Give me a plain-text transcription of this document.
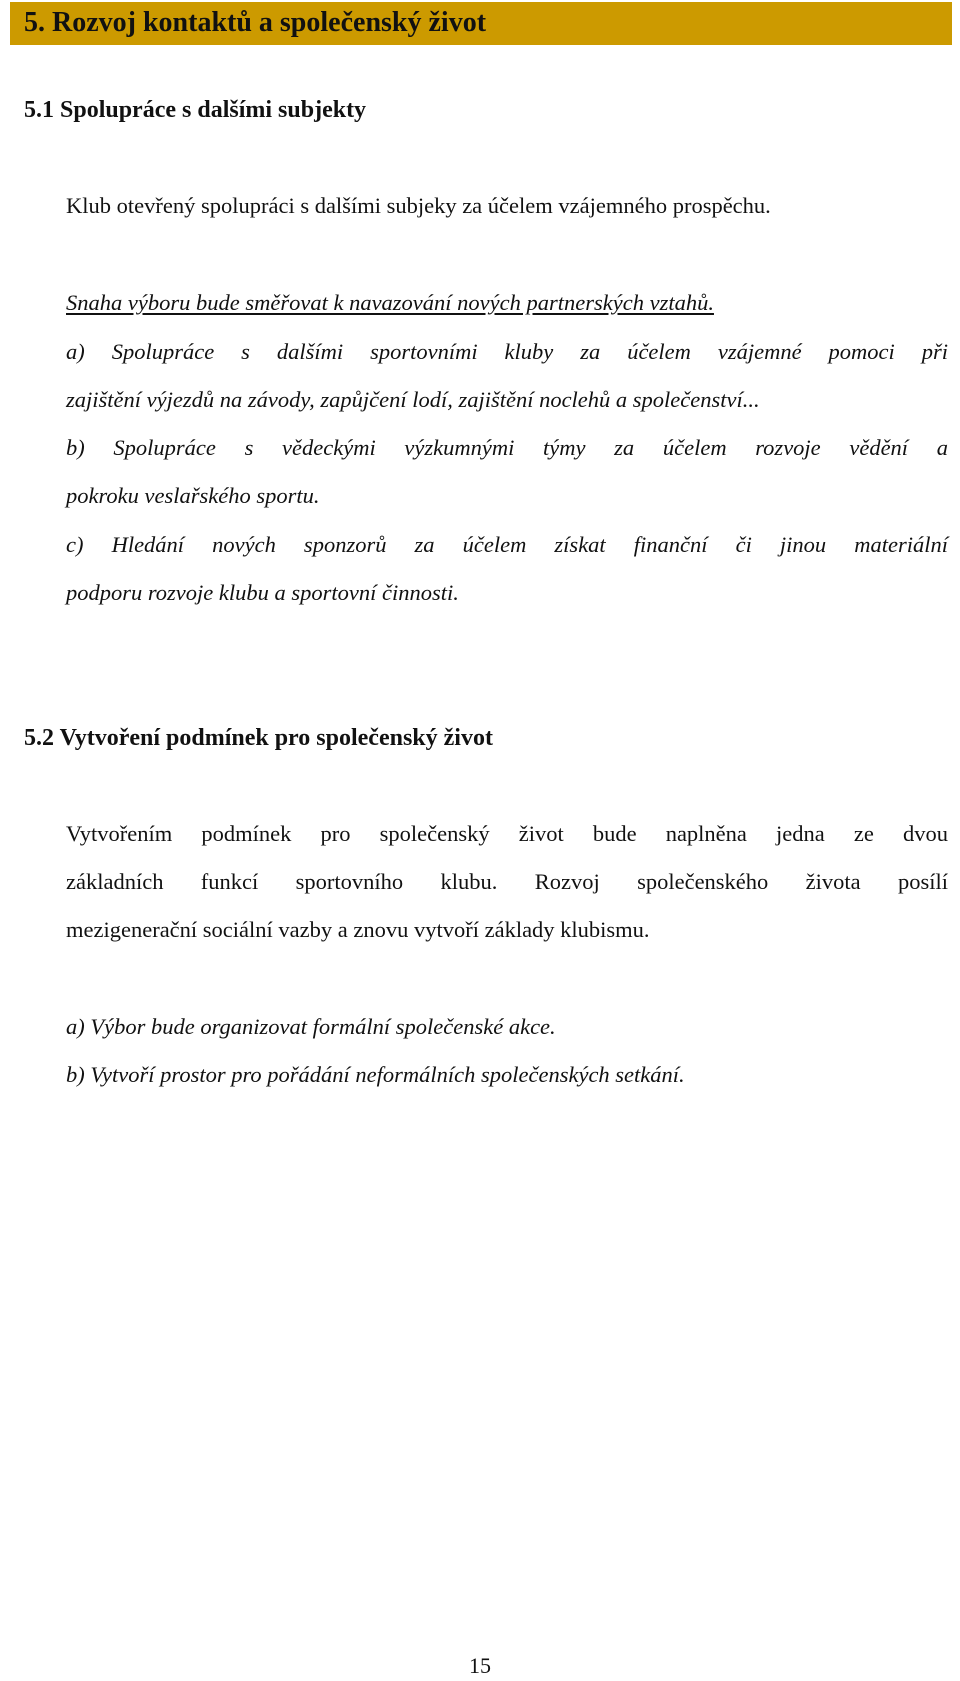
5. Rozvoj kontaktů a společenský život
5.1 Spolupráce s dalšími subjekty
Klub otevřený spolupráci s dalšími subjeky za účelem vzájemného prospěchu.
Snaha výboru bude směřovat k navazování nových partnerských vztahů.
a) Spolupráce s dalšími sportovními kluby za účelem vzájemné pomoci při
zajištění výjezdů na závody, zapůjčení lodí, zajištění noclehů a společenství...
b) Spolupráce s vědeckými výzkumnými týmy za účelem rozvoje vědění a
pokroku veslařského sportu.
c) Hledání nových sponzorů za účelem získat finanční či jinou materiální
podporu rozvoje klubu a sportovní činnosti.
5.2 Vytvoření podmínek pro společenský život
Vytvořením podmínek pro společenský život bude naplněna jedna ze dvou
základních funkcí sportovního klubu. Rozvoj společenského života posílí
mezigenerační sociální vazby a znovu vytvoří základy klubismu.
a) Výbor bude organizovat formální společenské akce.
b) Vytvoří prostor pro pořádání neformálních společenských setkání.
15
